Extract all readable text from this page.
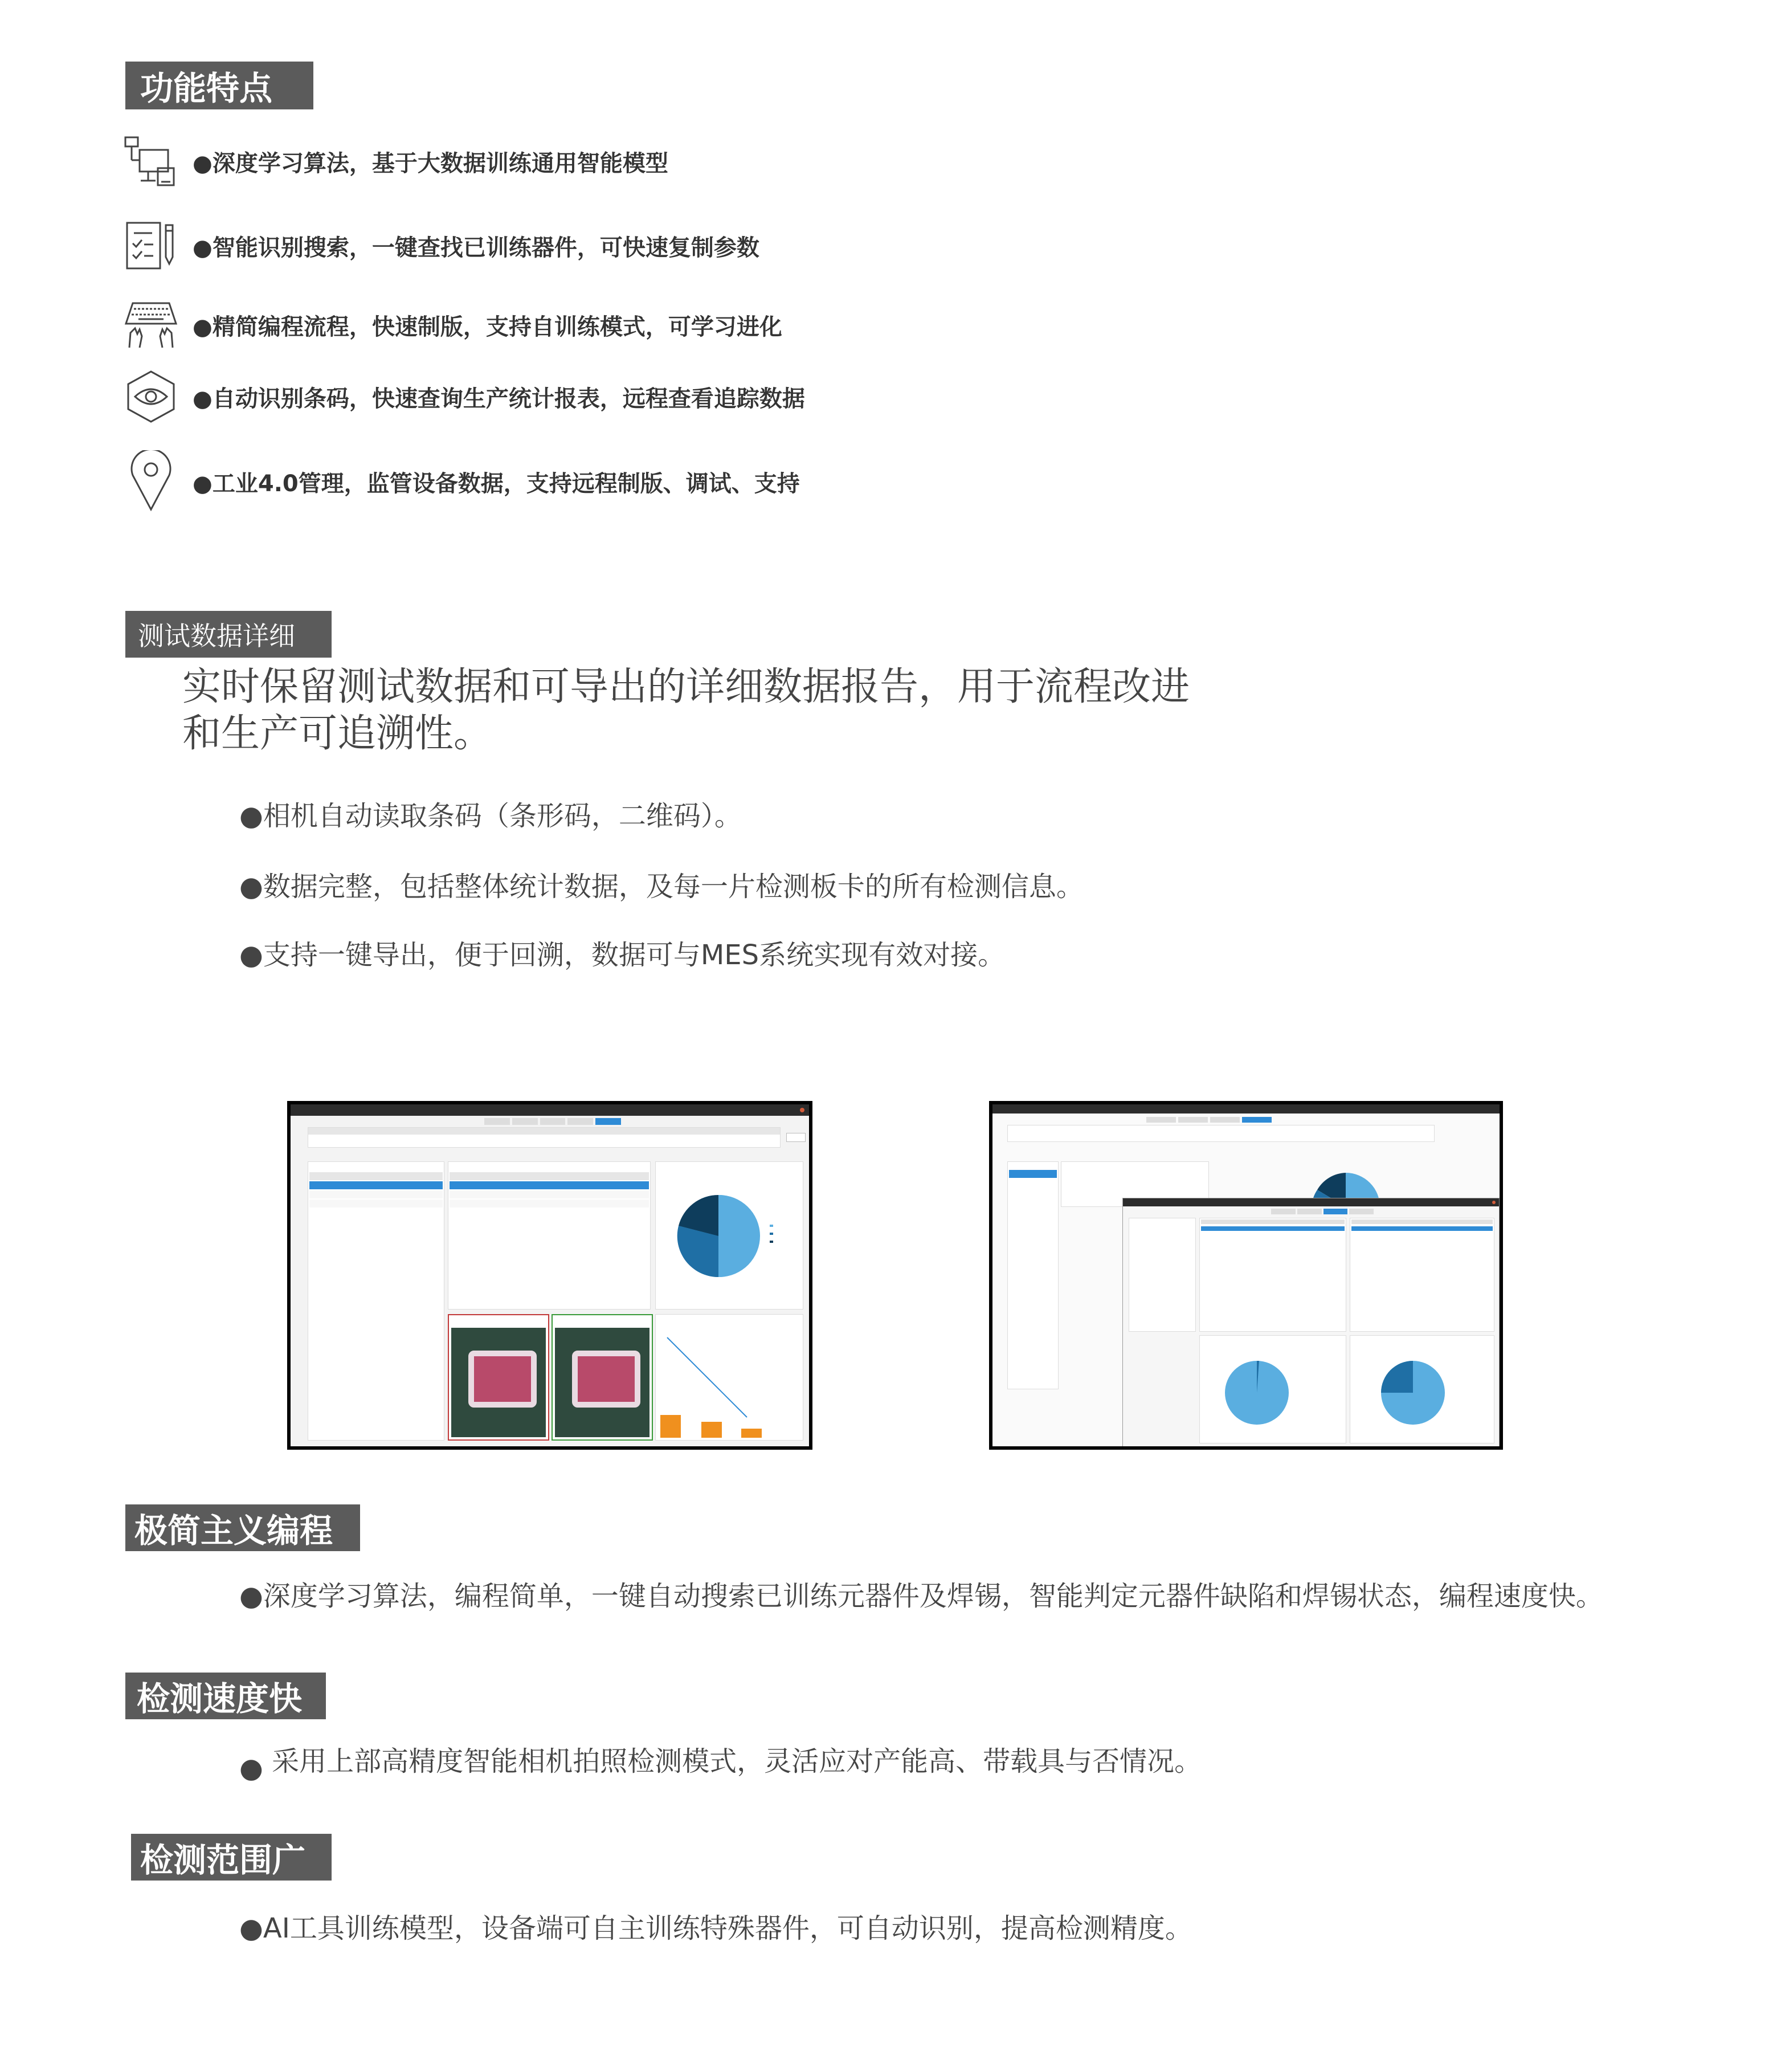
功能特点
●深度学习算法，基于大数据训练通用智能模型
●智能识别搜索，一键查找已训练器件，可快速复制参数
●精简编程流程，快速制版，支持自训练模式，可学习进化
●自动识别条码，快速查询生产统计报表，远程查看追踪数据
●工业4.0管理，监管设备数据，支持远程制版、调试、支持
测试数据详细
实时保留测试数据和可导出的详细数据报告，用于流程改进
和生产可追溯性。
●相机自动读取条码（条形码，二维码）。
●数据完整，包括整体统计数据，及每一片检测板卡的所有检测信息。
●支持一键导出，便于回溯，数据可与MES系统实现有效对接。
极简主义编程
●深度学习算法，编程简单，一键自动搜索已训练元器件及焊锡，智能判定元器件缺陷和焊锡状态，编程速度快。
检测速度快
● 采用上部高精度智能相机拍照检测模式，灵活应对产能高、带载具与否情况。
检测范围广
●AI工具训练模型，设备端可自主训练特殊器件，可自动识别，提高检测精度。
